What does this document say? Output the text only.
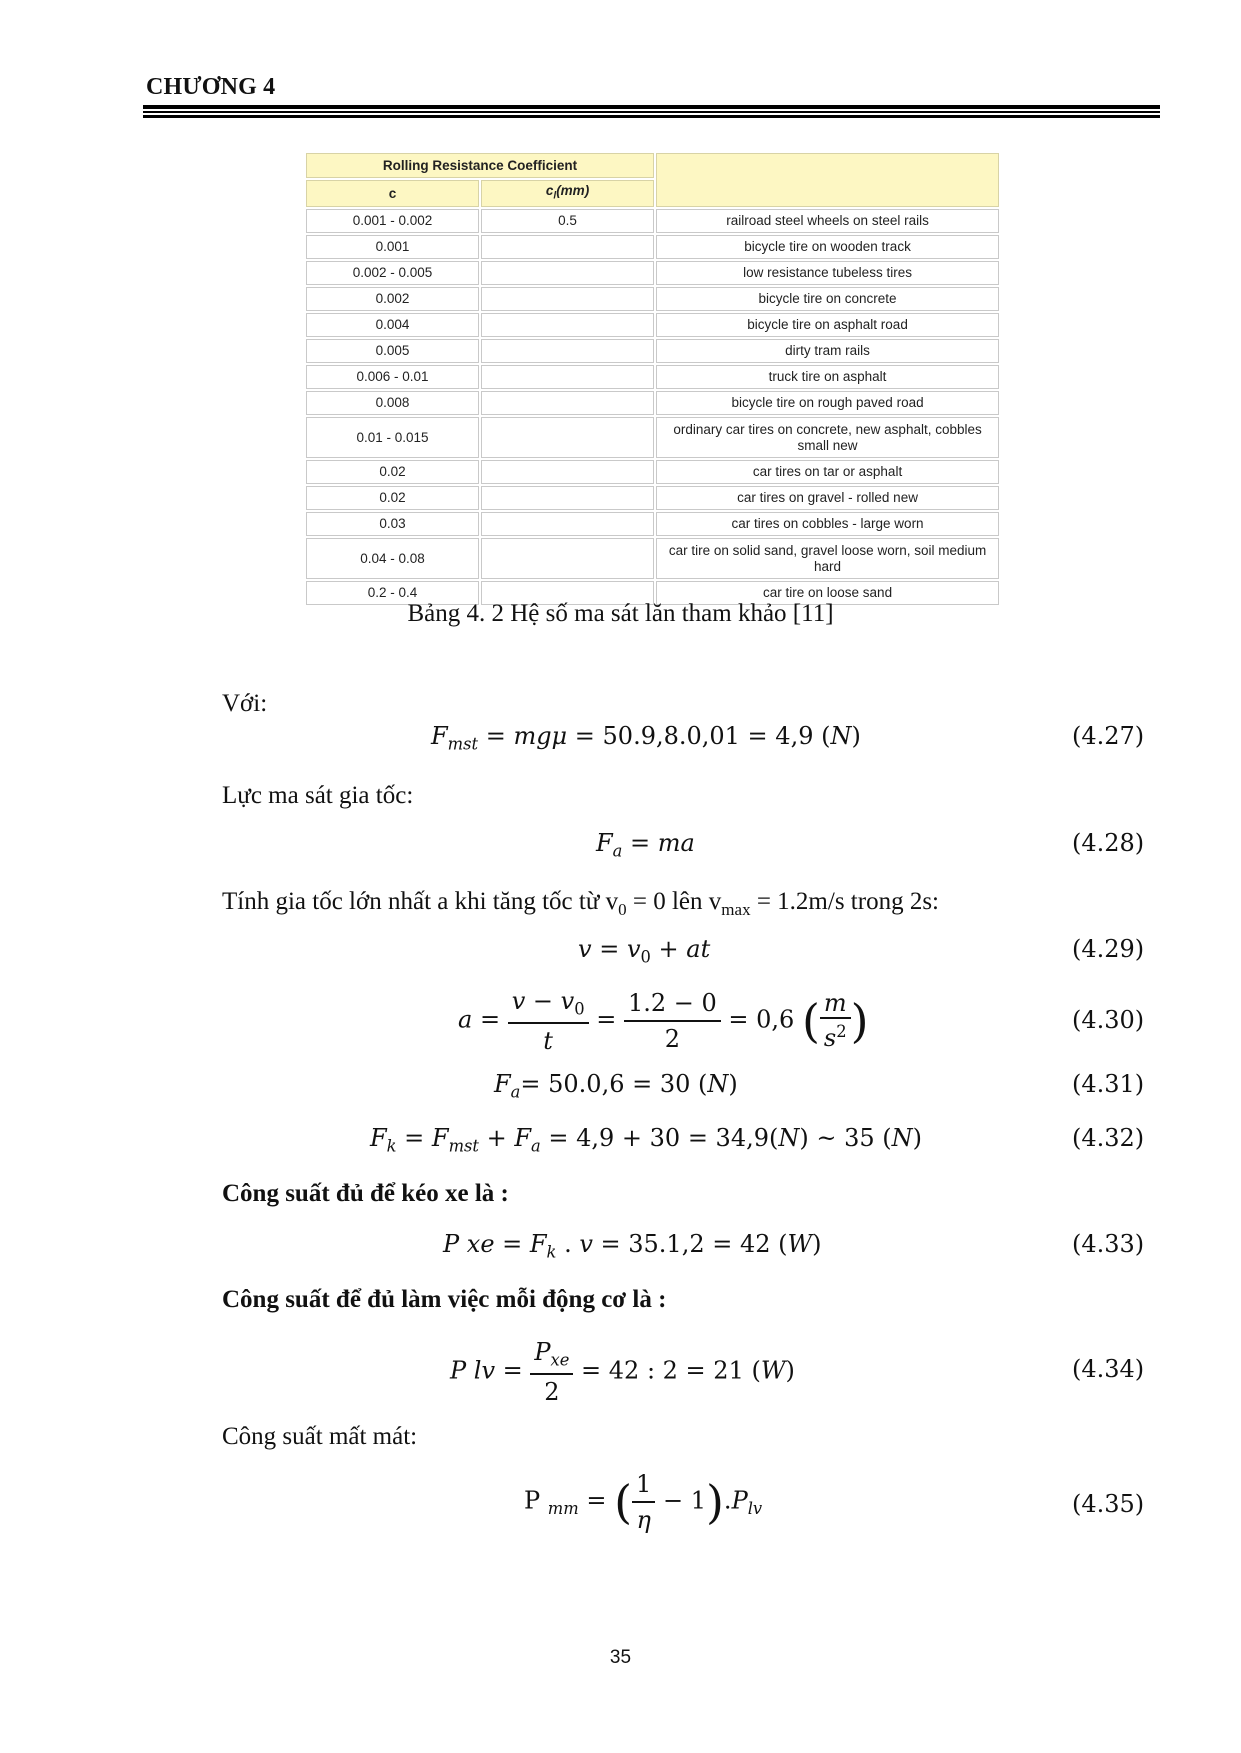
CHƯƠNG 4
Rolling Resistance Coefficient		
c	$c_l(mm)$	
0.001 - 0.002	0.5	railroad steel wheels on steel rails
0.001		bicycle tire on wooden track
0.002 - 0.005		low resistance tubeless tires
0.002		bicycle tire on concrete
0.004		bicycle tire on asphalt road
0.005		dirty tram rails
0.006 - 0.01		truck tire on asphalt
0.008		bicycle tire on rough paved road
0.01 - 0.015		ordinary car tires on concrete, new asphalt, cobbles small new
0.02		car tires on tar or asphalt
0.02		car tires on gravel - rolled new
0.03		car tires on cobbles - large worn
0.04 - 0.08		car tire on solid sand, gravel loose worn, soil medium hard
0.2 - 0.4		car tire on loose sand
Bảng 4. 2 Hệ số ma sát lăn tham khảo [11]
Với:
$F_{mst} = mg\mu = 50.9,8.0,01 = 4,9$ (N)	(4.27)
Lực ma sát gia tốc:
$F_a$ = ma	(4.28)
Tính gia tốc lớn nhất a khi tăng tốc từ $v_0 = 0$ lên $v_{max} = 1.2m/s$ trong 2s:
$v = v_0$ + at	(4.29)
$a = \frac{v - v_0}{t} = \frac{1.2 - 0}{2} = 0,6$ ( $\frac{m}{s^2}$ )	(4.30)
$F_a= 50.0,6 = 30$ (N)	(4.31)
$F_k = F_{mst} + F_a = 4,9 + 30 = 34,9(N)$ ~ 35 (N)	(4.32)
Công suất đủ để kéo xe là :
P xe = $F_k$ . v = 35.1,2 = 42 (W)	(4.33)
Công suất để đủ làm việc mỗi động cơ là :
P lv = $\frac{P_{xe}}{2} = 42$ : 2 = 21 (W)	(4.34)
Công suất mất mát:
P $_{mm}$ = ( $\frac{1}{\eta} - 1).P_{lv}$	(4.35)
35
